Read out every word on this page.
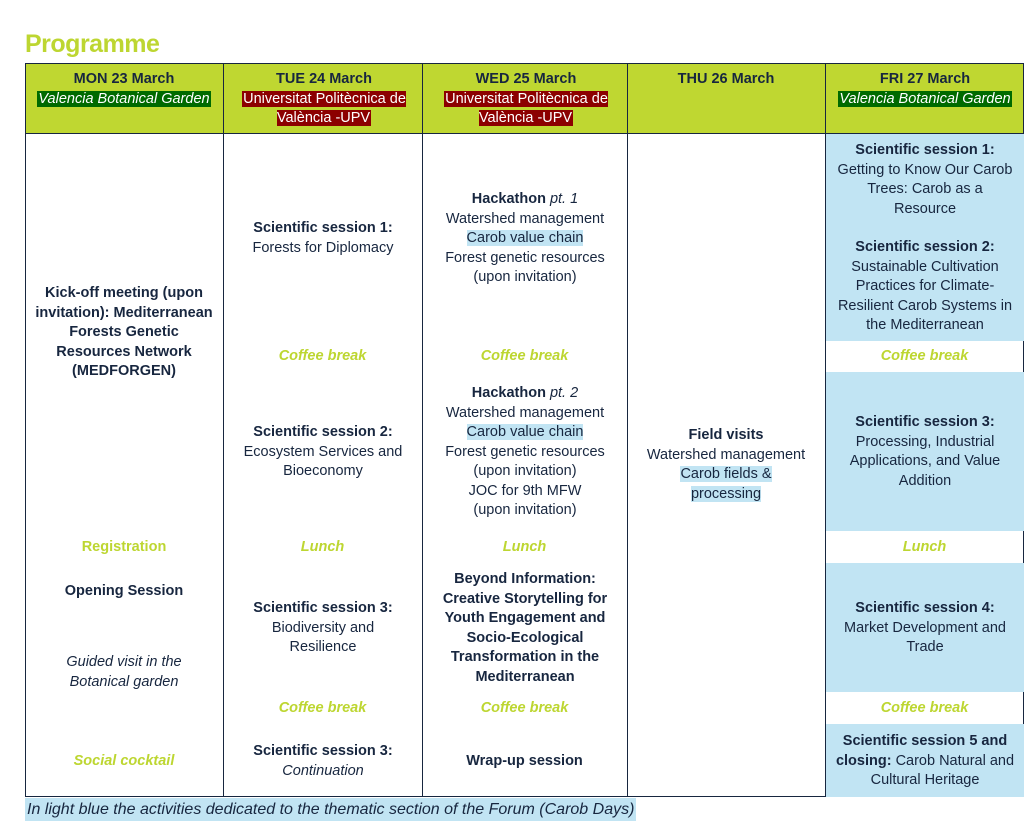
Programme
MON 23 March
Valencia Botanical Garden
TUE 24 March
Universitat Politècnica de València -UPV
WED 25 March
Universitat Politècnica de València -UPV
THU 26 March	FRI 27 March
Valencia Botanical Garden
Kick-off meeting (upon invitation): Mediterranean Forests Genetic Resources Network (MEDFORGEN)
Registration
Opening Session
Guided visit in the Botanical garden
Social cocktail
Scientific session 1:
Forests for Diplomacy
Coffee break
Scientific session 2:
Ecosystem Services and Bioeconomy
Lunch
Scientific session 3:
Biodiversity and Resilience
Coffee break
Scientific session 3:
Continuation
Hackathon pt. 1
Watershed management
Carob value chain
Forest genetic resources (upon invitation)
Coffee break
Hackathon pt. 2
Watershed management
Carob value chain
Forest genetic resources (upon invitation)
JOC for 9th MFW (upon invitation)
Lunch
Beyond Information: Creative Storytelling for Youth Engagement and Socio-Ecological Transformation in the Mediterranean
Coffee break
Wrap-up session
Field visits
Watershed management
Carob fields & processing
Scientific session 1:
Getting to Know Our Carob Trees: Carob as a Resource
Scientific session 2:
Sustainable Cultivation Practices for Climate-Resilient Carob Systems in the Mediterranean
Coffee break
Scientific session 3:
Processing, Industrial Applications, and Value Addition
Lunch
Scientific session 4:
Market Development and Trade
Coffee break
Scientific session 5 and closing: Carob Natural and Cultural Heritage
In light blue the activities dedicated to the thematic section of the Forum (Carob Days)
